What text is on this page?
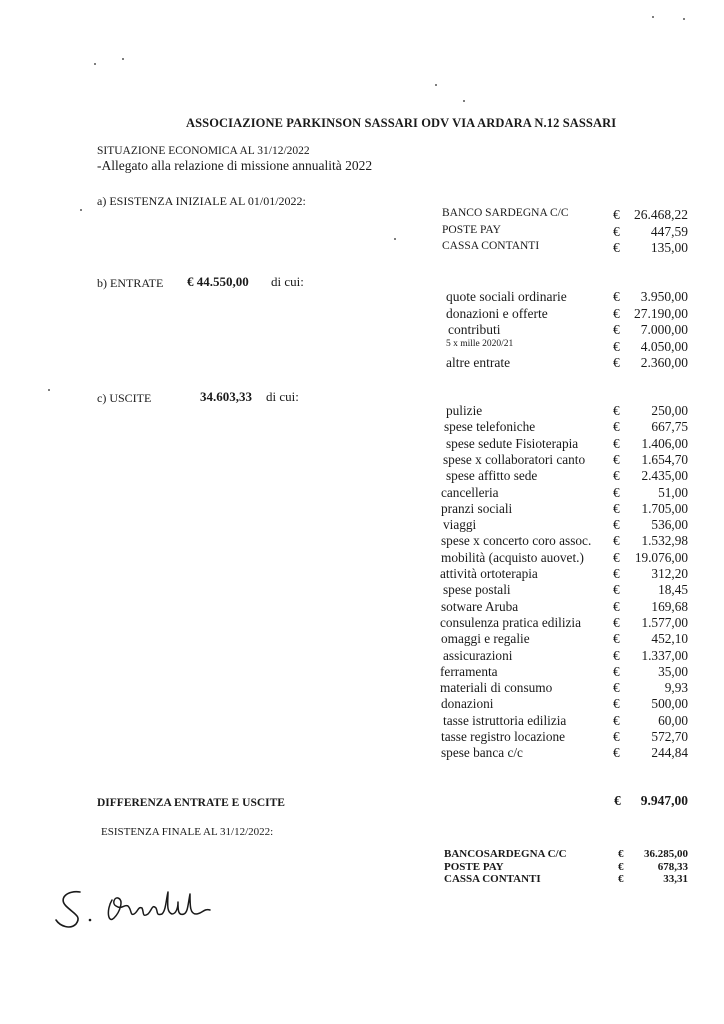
ASSOCIAZIONE PARKINSON SASSARI ODV VIA ARDARA N.12 SASSARI
SITUAZIONE ECONOMICA AL 31/12/2022
-Allegato alla relazione di missione annualità 2022
a) ESISTENZA INIZIALE AL 01/01/2022:
BANCO SARDEGNA C/C	€	26.468,22
POSTE PAY	€	447,59
CASSA CONTANTI	€	135,00
b) ENTRATE € 44.550,00 di cui:
quote sociali ordinarie	€	3.950,00
donazioni e offerte	€	27.190,00
contributi	€	7.000,00
5 x mille 2020/21	€	4.050,00
altre entrate	€	2.360,00
c) USCITE	34.603,33 di cui:
pulizie	€	250,00
spese telefoniche	€	667,75
spese sedute Fisioterapia	€	1.406,00
spese x collaboratori canto €	1.654,70
spese affitto sede	€	2.435,00
cancelleria	€	51,00
pranzi sociali	€	1.705,00
viaggi	€	536,00
spese x concerto coro assoc. €	1.532,98
mobilità (acquisto auovet.) €	19.076,00
attività ortoterapia	€	312,20
spese postali	€	18,45
sotware Aruba	€	169,68
consulenza pratica edilizia €	1.577,00
omaggi e regalie	€	452,10
assicurazioni	€	1.337,00
ferramenta	€	35,00
materiali di consumo	€	9,93
donazioni	€	500,00
tasse istruttoria edilizia	€	60,00
tasse registro locazione	€	572,70
spese banca c/c	€	244,84
DIFFERENZA ENTRATE E USCITE	€	9.947,00
ESISTENZA FINALE AL 31/12/2022:
BANCOSARDEGNA C/C	€	36.285,00
POSTE PAY	€	678,33
CASSA CONTANTI	€	33,31
